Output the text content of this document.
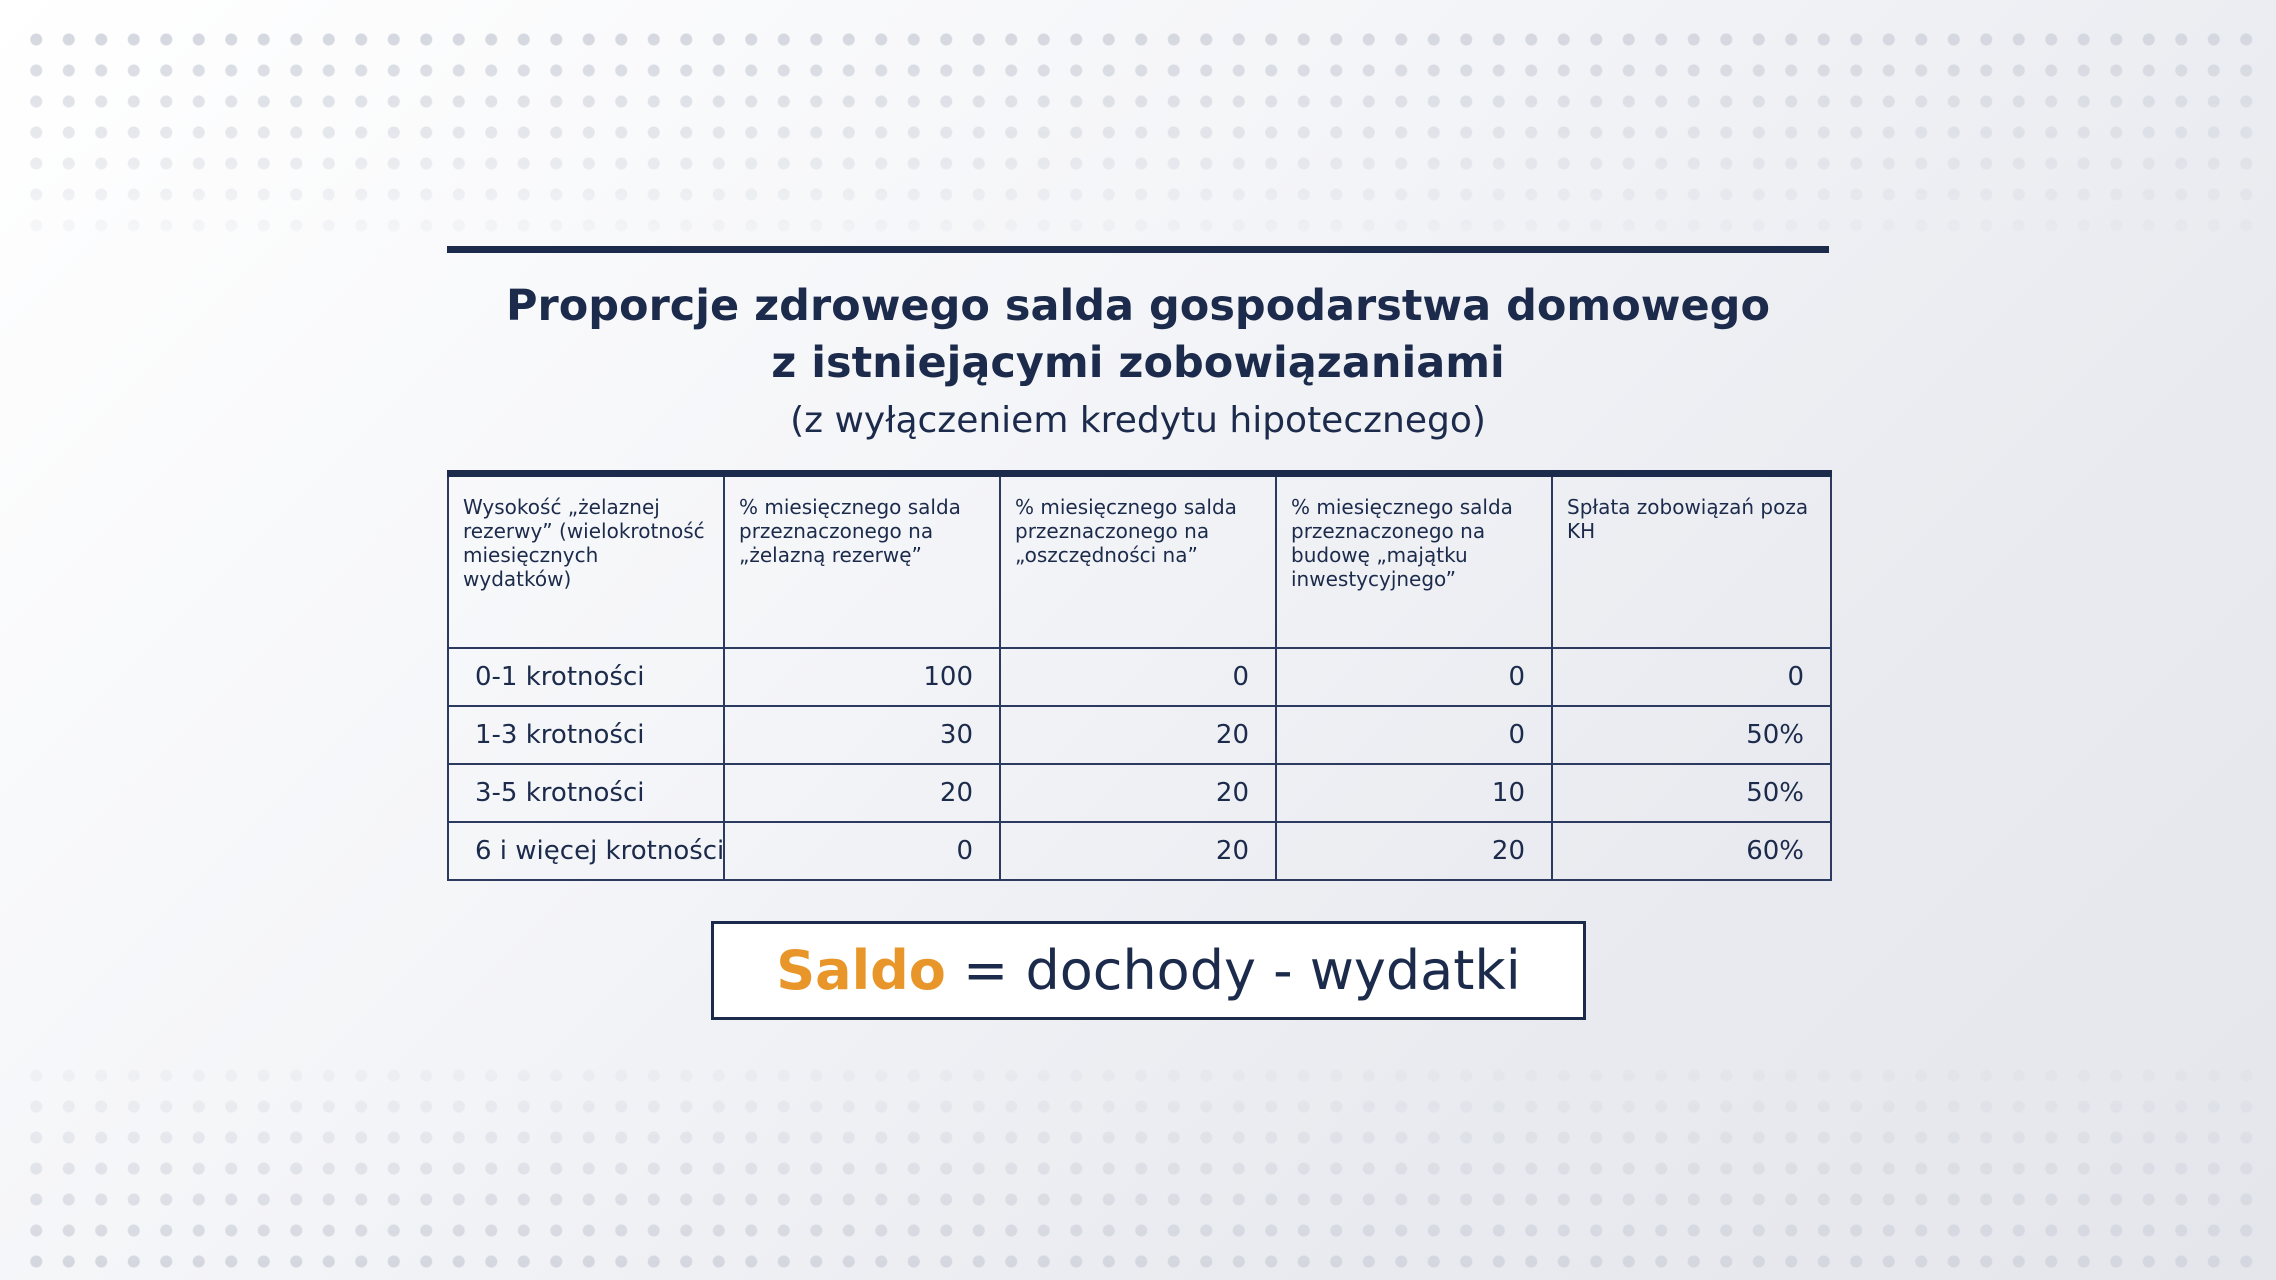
Proporcje zdrowego salda gospodarstwa domowego
z istniejącymi zobowiązaniami
(z wyłączeniem kredytu hipotecznego)
Wysokość „żelaznej rezerwy” (wielokrotność miesięcznych wydatków)	% miesięcznego salda przeznaczonego na „żelazną rezerwę”	% miesięcznego salda przeznaczonego na „oszczędności na”	% miesięcznego salda przeznaczonego na budowę „majątku inwestycyjnego”	Spłata zobowiązań poza KH
0-1 krotności	100	0	0	0
1-3 krotności	30	20	0	50%
3-5 krotności	20	20	10	50%
6 i więcej krotności	0	20	20	60%
Saldo = dochody - wydatki
